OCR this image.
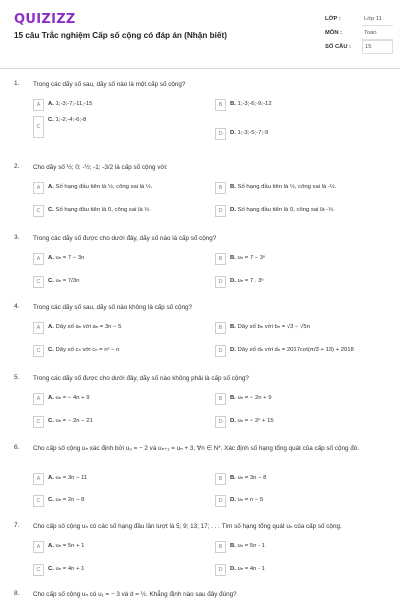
QUIZIZZ
15 câu Trắc nghiệm Cấp số cộng có đáp án (Nhận biết)
LỚP :	Lớp 11
MÔN :	Toán
SỐ CÂU :	15
1. Trong các dãy số sau, dãy số nào là một cấp số cộng?
A	A. 1;-3;-7;-11;-15	B	B. 1;-3;-6;-9;-12
C
C. 1;-2;-4;-6;-8
D	D. 1;-3;-5;-7;-9
2. Cho dãy số ½; 0; -½; -1; -3/2 là cấp số cộng với:
A	A. Số hạng đầu tiên là ½, công sai là ½.	B	B. Số hạng đầu tiên là ½, công sai là -½.
C	C. Số hạng đầu tiên là 0, công sai là ½.	D	D. Số hạng đầu tiên là 0, công sai là -½.
3. Trong các dãy số được cho dưới đây, dãy số nào là cấp số cộng?
A	A. uₙ = 7 − 3n	B	B. uₙ = 7 − 3ⁿ
C	C. uₙ = 7/3n	D	D. uₙ = 7 . 3ⁿ
4. Trong các dãy số sau, dãy số nào không là cấp số cộng?
A	A. Dãy số aₙ với aₙ = 3n − 5	B	B. Dãy số bₙ với bₙ = √3 − √5n
C	C. Dãy số cₙ với cₙ = n² − n	D	D. Dãy số dₙ với dₙ = 2017cot(π/3 + 13) + 2018
5. Trong các dãy số được cho dưới đây, dãy số nào không phải là cấp số cộng?
A	A. uₙ = − 4n + 9	B	B. uₙ = − 2n + 9
C	C. uₙ = − 2n − 21	D	D. uₙ = − 2ⁿ + 15
6. Cho cấp số cộng uₙ xác định bởi u₃ = − 2 và uₙ₊₁ = uₙ + 3, ∀n ∈ N*. Xác định số hạng tổng quát của cấp số cộng đó.
A	A. uₙ = 3n − 11	B	B. uₙ = 3n − 8
C	C. uₙ = 2n − 8	D	D. uₙ = n − 5
7. Cho cấp số cộng uₙ có các số hạng đầu lần lượt là 5; 9; 13; 17; . . . Tìm số hạng tổng quát uₙ của cấp số cộng.
A	A. uₙ = 5n + 1	B	B. uₙ = 5n - 1
C	C. uₙ = 4n + 1	D	D. uₙ = 4n - 1
8. Cho cấp số cộng uₙ có u₁ = − 3 và d = ½. Khẳng định nào sau đây đúng?
